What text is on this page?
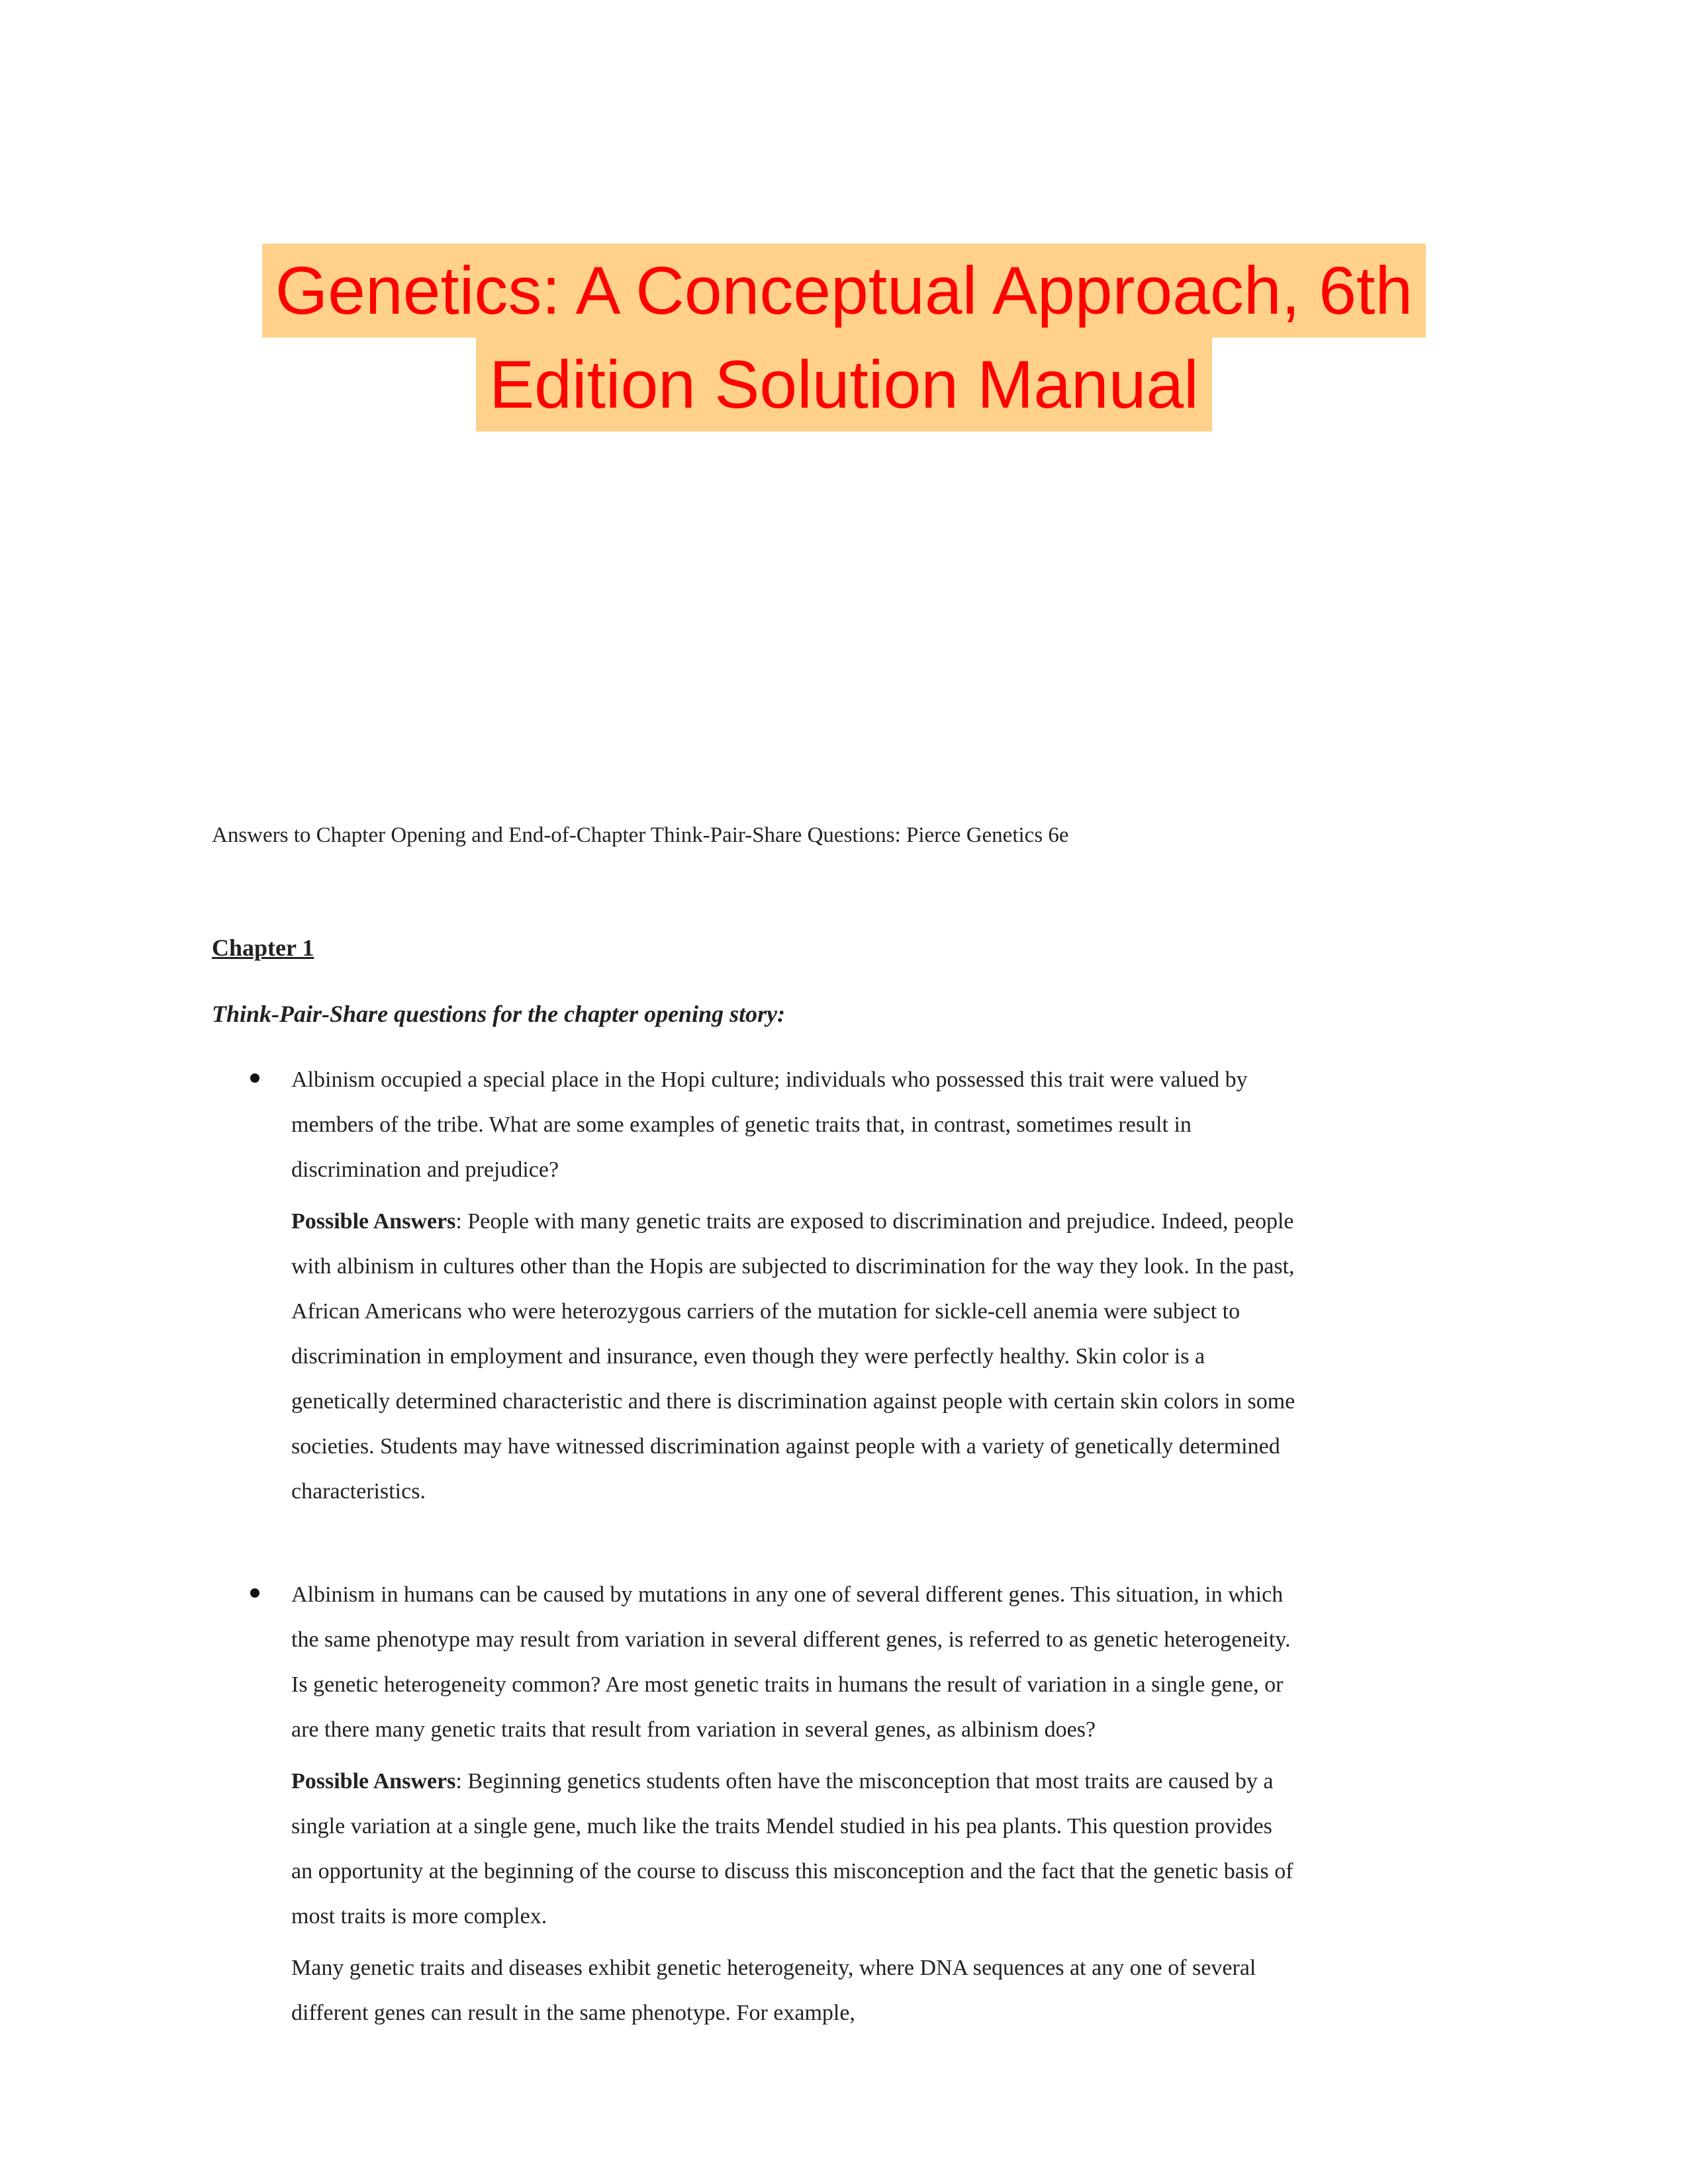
Genetics: A Conceptual Approach, 6th
Edition Solution Manual

Answers to Chapter Opening and End-of-Chapter Think-Pair-Share Questions: Pierce Genetics 6e

Chapter 1

Think-Pair-Share questions for the chapter opening story:

Albinism occupied a special place in the Hopi culture; individuals who possessed this trait were valued by members of the tribe. What are some examples of genetic traits that, in contrast, sometimes result in discrimination and prejudice?

Possible Answers: People with many genetic traits are exposed to discrimination and prejudice. Indeed, people with albinism in cultures other than the Hopis are subjected to discrimination for the way they look. In the past, African Americans who were heterozygous carriers of the mutation for sickle-cell anemia were subject to discrimination in employment and insurance, even though they were perfectly healthy. Skin color is a genetically determined characteristic and there is discrimination against people with certain skin colors in some societies. Students may have witnessed discrimination against people with a variety of genetically determined characteristics.

Albinism in humans can be caused by mutations in any one of several different genes. This situation, in which the same phenotype may result from variation in several different genes, is referred to as genetic heterogeneity. Is genetic heterogeneity common? Are most genetic traits in humans the result of variation in a single gene, or are there many genetic traits that result from variation in several genes, as albinism does?

Possible Answers: Beginning genetics students often have the misconception that most traits are caused by a single variation at a single gene, much like the traits Mendel studied in his pea plants. This question provides an opportunity at the beginning of the course to discuss this misconception and the fact that the genetic basis of most traits is more complex.

Many genetic traits and diseases exhibit genetic heterogeneity, where DNA sequences at any one of several different genes can result in the same phenotype. For example,
